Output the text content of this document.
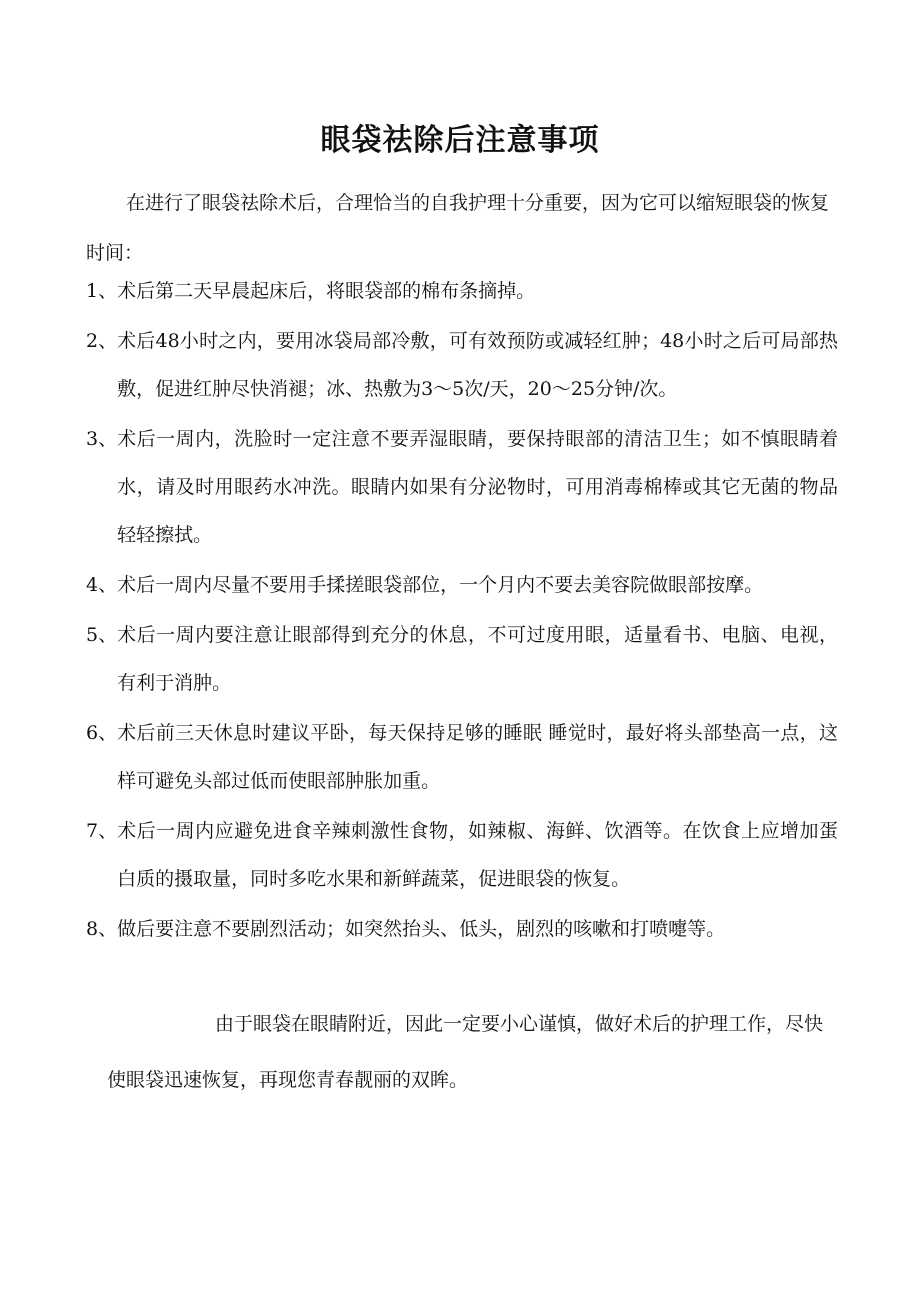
眼袋祛除后注意事项
在进行了眼袋祛除术后，合理恰当的自我护理十分重要，因为它可以缩短眼袋的恢复时间：
1、 术后第二天早晨起床后，将眼袋部的棉布条摘掉。
2、 术后48小时之内，要用冰袋局部冷敷，可有效预防或减轻红肿；48小时之后可局部热敷，促进红肿尽快消褪；冰、热敷为3～5次/天，20～25分钟/次。
3、 术后一周内，洗脸时一定注意不要弄湿眼睛，要保持眼部的清洁卫生；如不慎眼睛着水，请及时用眼药水冲洗。眼睛内如果有分泌物时，可用消毒棉棒或其它无菌的物品轻轻擦拭。
4、 术后一周内尽量不要用手揉搓眼袋部位，一个月内不要去美容院做眼部按摩。
5、 术后一周内要注意让眼部得到充分的休息，不可过度用眼，适量看书、电脑、电视，有利于消肿。
6、 术后前三天休息时建议平卧，每天保持足够的睡眠 睡觉时，最好将头部垫高一点，这样可避免头部过低而使眼部肿胀加重。
7、 术后一周内应避免进食辛辣刺激性食物，如辣椒、海鲜、饮酒等。在饮食上应增加蛋白质的摄取量，同时多吃水果和新鲜蔬菜，促进眼袋的恢复。
8、 做后要注意不要剧烈活动；如突然抬头、低头，剧烈的咳嗽和打喷嚏等。
由于眼袋在眼睛附近，因此一定要小心谨慎，做好术后的护理工作，尽快使眼袋迅速恢复，再现您青春靓丽的双眸。
